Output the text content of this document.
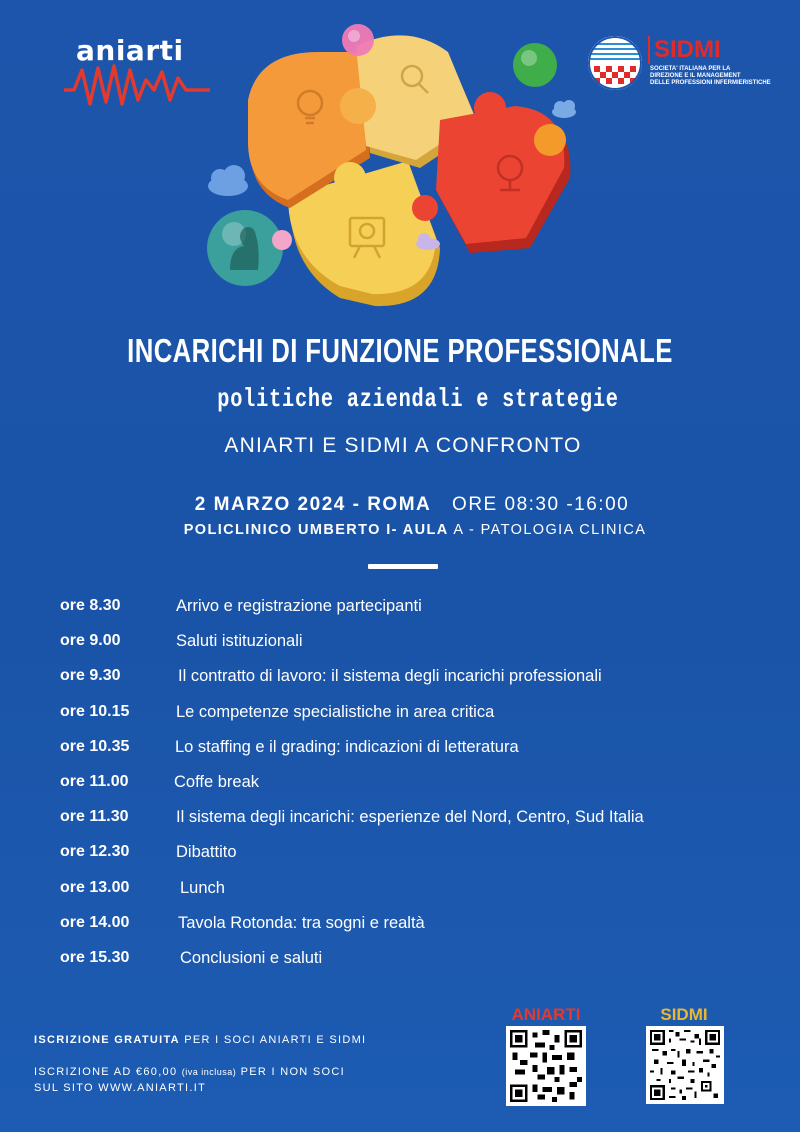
aniarti	SIDMI
SOCIETA' ITALIANA PER LA
DIREZIONE E IL MANAGEMENT
DELLE PROFESSIONI INFERMIERISTICHE
INCARICHI DI FUNZIONE PROFESSIONALE
politiche aziendali e strategie
ANIARTI E SIDMI A CONFRONTO
2 MARZO 2024 - ROMA ORE 08:30 -16:00
POLICLINICO UMBERTO I- AULA A - PATOLOGIA CLINICA
ore 8.30	Arrivo e registrazione partecipanti
ore 9.00	Saluti istituzionali
ore 9.30	Il contratto di lavoro: il sistema degli incarichi professionali
ore 10.15	Le competenze specialistiche in area critica
ore 10.35	Lo staffing e il grading: indicazioni di letteratura
ore 11.00	Coffe break
ore 11.30	Il sistema degli incarichi: esperienze del Nord, Centro, Sud Italia
ore 12.30	Dibattito
ore 13.00	Lunch
ore 14.00	Tavola Rotonda: tra sogni e realtà
ore 15.30	Conclusioni e saluti
ISCRIZIONE GRATUITA PER I SOCI ANIARTI E SIDMI
ISCRIZIONE AD €60,00 (iva inclusa) PER I NON SOCI
SUL SITO WWW.ANIARTI.IT
ANIARTI	SIDMI
